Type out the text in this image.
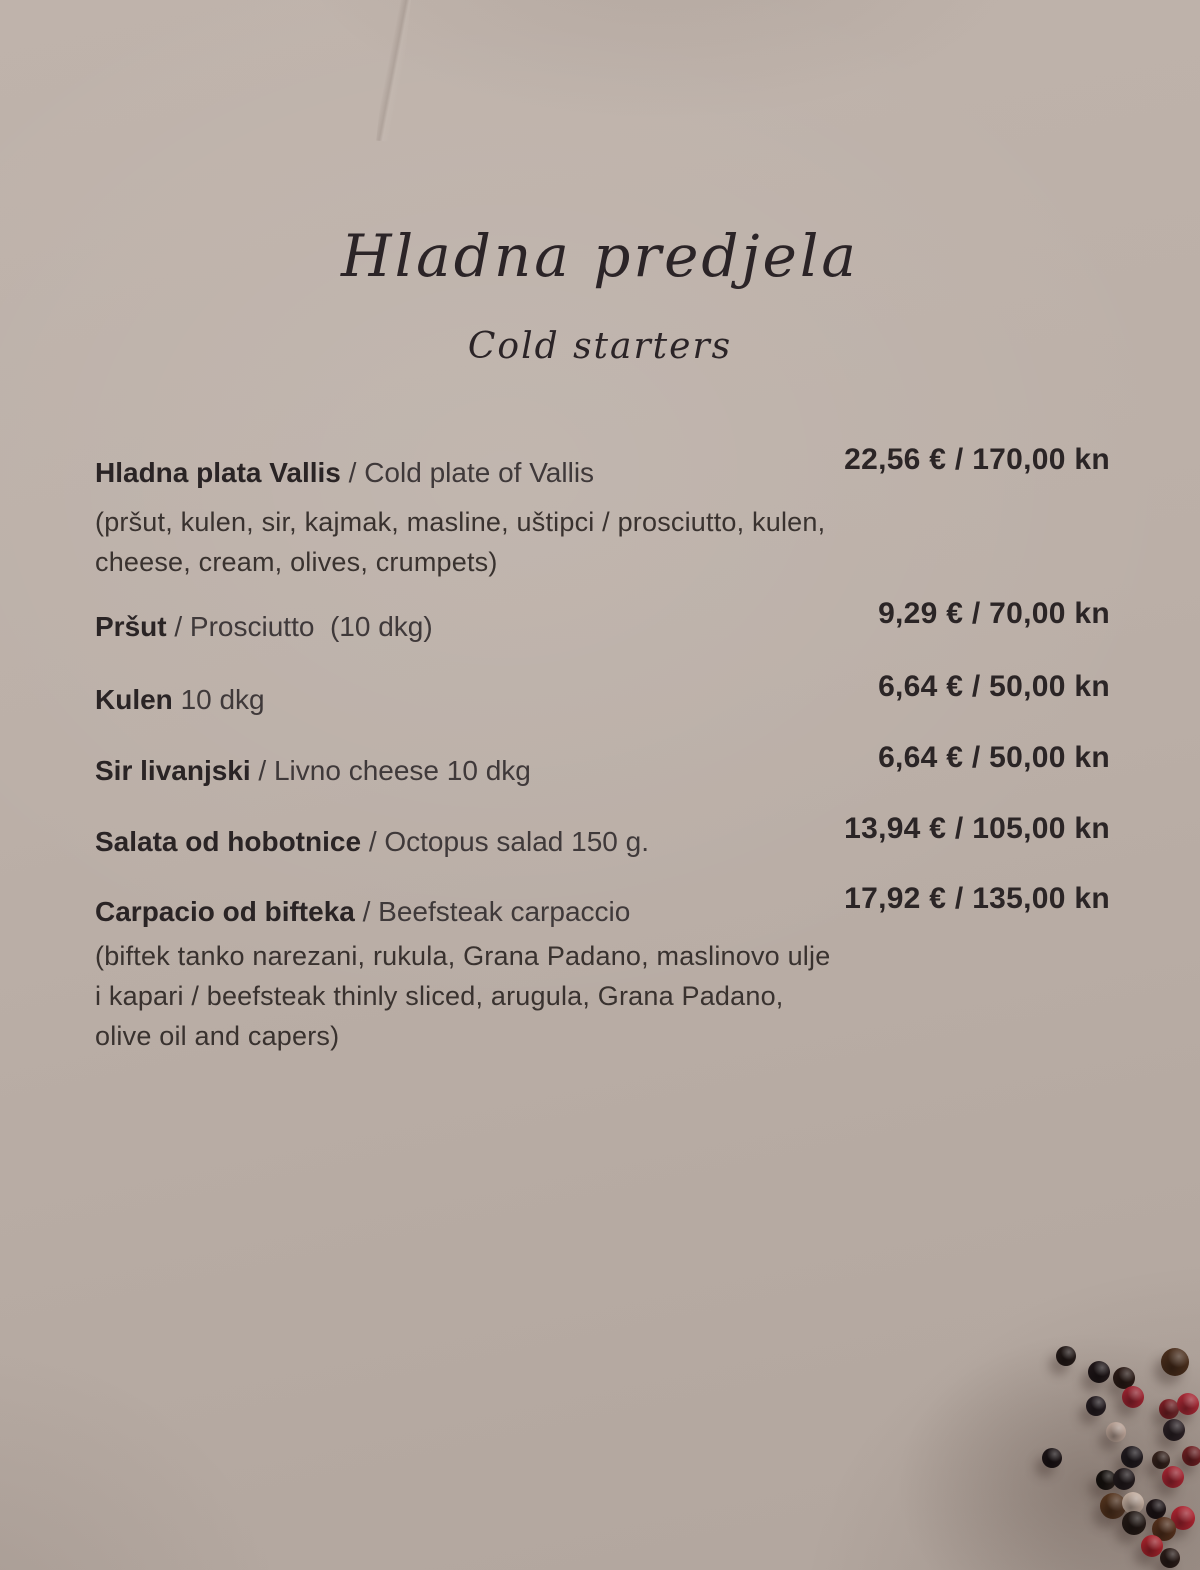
Hladna predjela
Cold starters
Hladna plata Vallis / Cold plate of Vallis	22,56 € / 170,00 kn
(pršut, kulen, sir, kajmak, masline, uštipci / prosciutto, kulen,
cheese, cream, olives, crumpets)
Pršut / Prosciutto  (10 dkg)	9,29 € / 70,00 kn
Kulen 10 dkg	6,64 € / 50,00 kn
Sir livanjski / Livno cheese 10 dkg	6,64 € / 50,00 kn
Salata od hobotnice / Octopus salad 150 g.	13,94 € / 105,00 kn
Carpacio od bifteka / Beefsteak carpaccio	17,92 € / 135,00 kn
(biftek tanko narezani, rukula, Grana Padano, maslinovo ulje
i kapari / beefsteak thinly sliced, arugula, Grana Padano,
olive oil and capers)
